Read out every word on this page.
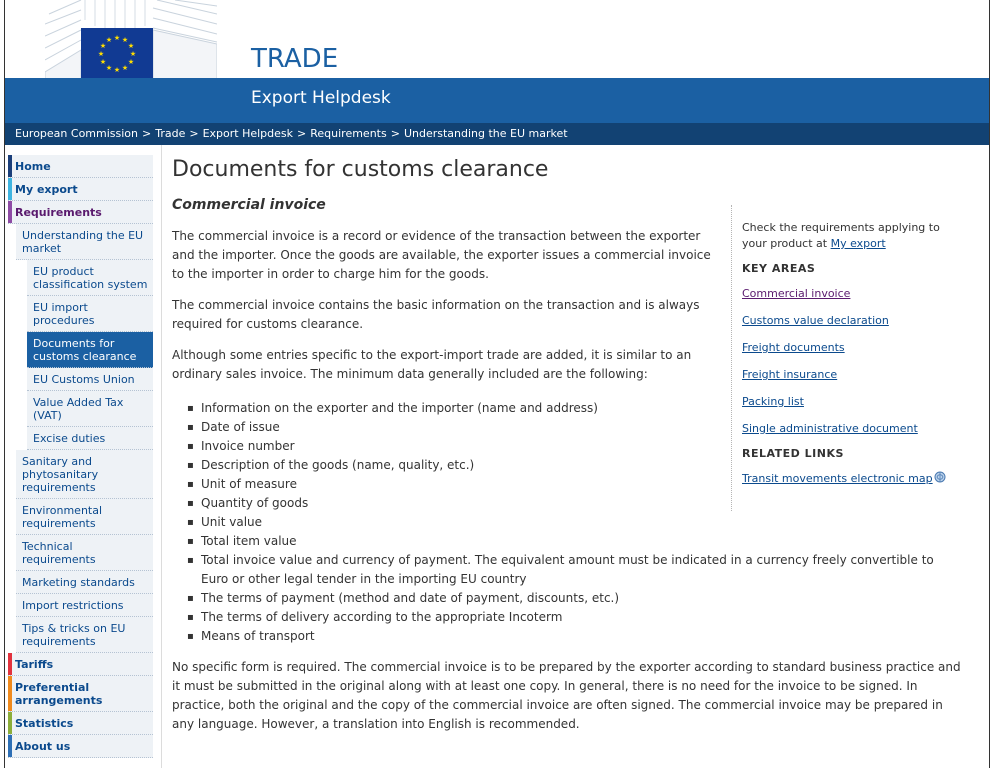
★ ★
★
★
★
★
★
★
★
★
★
★
TRADE
Export Helpdesk
European Commission > Trade > Export Helpdesk > Requirements > Understanding the EU market
Home
My export
Requirements
Understanding the EU market
EU product classification system
EU import procedures
Documents for customs clearance
EU Customs Union
Value Added Tax (VAT)
Excise duties
Sanitary and phytosanitary requirements
Environmental requirements
Technical requirements
Marketing standards
Import restrictions
Tips & tricks on EU requirements
Tariffs
Preferential arrangements
Statistics
About us
Documents for customs clearance
Commercial invoice

The commercial invoice is a record or evidence of the transaction between the exporter and the importer. Once the goods are available, the exporter issues a commercial invoice to the importer in order to charge him for the goods.

The commercial invoice contains the basic information on the transaction and is always required for customs clearance.

Although some entries specific to the export-import trade are added, it is similar to an ordinary sales invoice. The minimum data generally included are the following:

▪ Information on the exporter and the importer (name and address)
▪ Date of issue
▪ Invoice number
▪ Description of the goods (name, quality, etc.)
▪ Unit of measure
▪ Quantity of goods
▪ Unit value
▪ Total item value
▪ Total invoice value and currency of payment. The equivalent amount must be indicated in a currency freely convertible to Euro or other legal tender in the importing EU country
▪ The terms of payment (method and date of payment, discounts, etc.)
▪ The terms of delivery according to the appropriate Incoterm
▪ Means of transport

No specific form is required. The commercial invoice is to be prepared by the exporter according to standard business practice and it must be submitted in the original along with at least one copy. In general, there is no need for the invoice to be signed. In practice, both the original and the copy of the commercial invoice are often signed. The commercial invoice may be prepared in any language. However, a translation into English is recommended.

Check the requirements applying to your product at My export
KEY AREAS
Commercial invoice
Customs value declaration
Freight documents
Freight insurance
Packing list
Single administrative document
RELATED LINKS
Transit movements electronic map
